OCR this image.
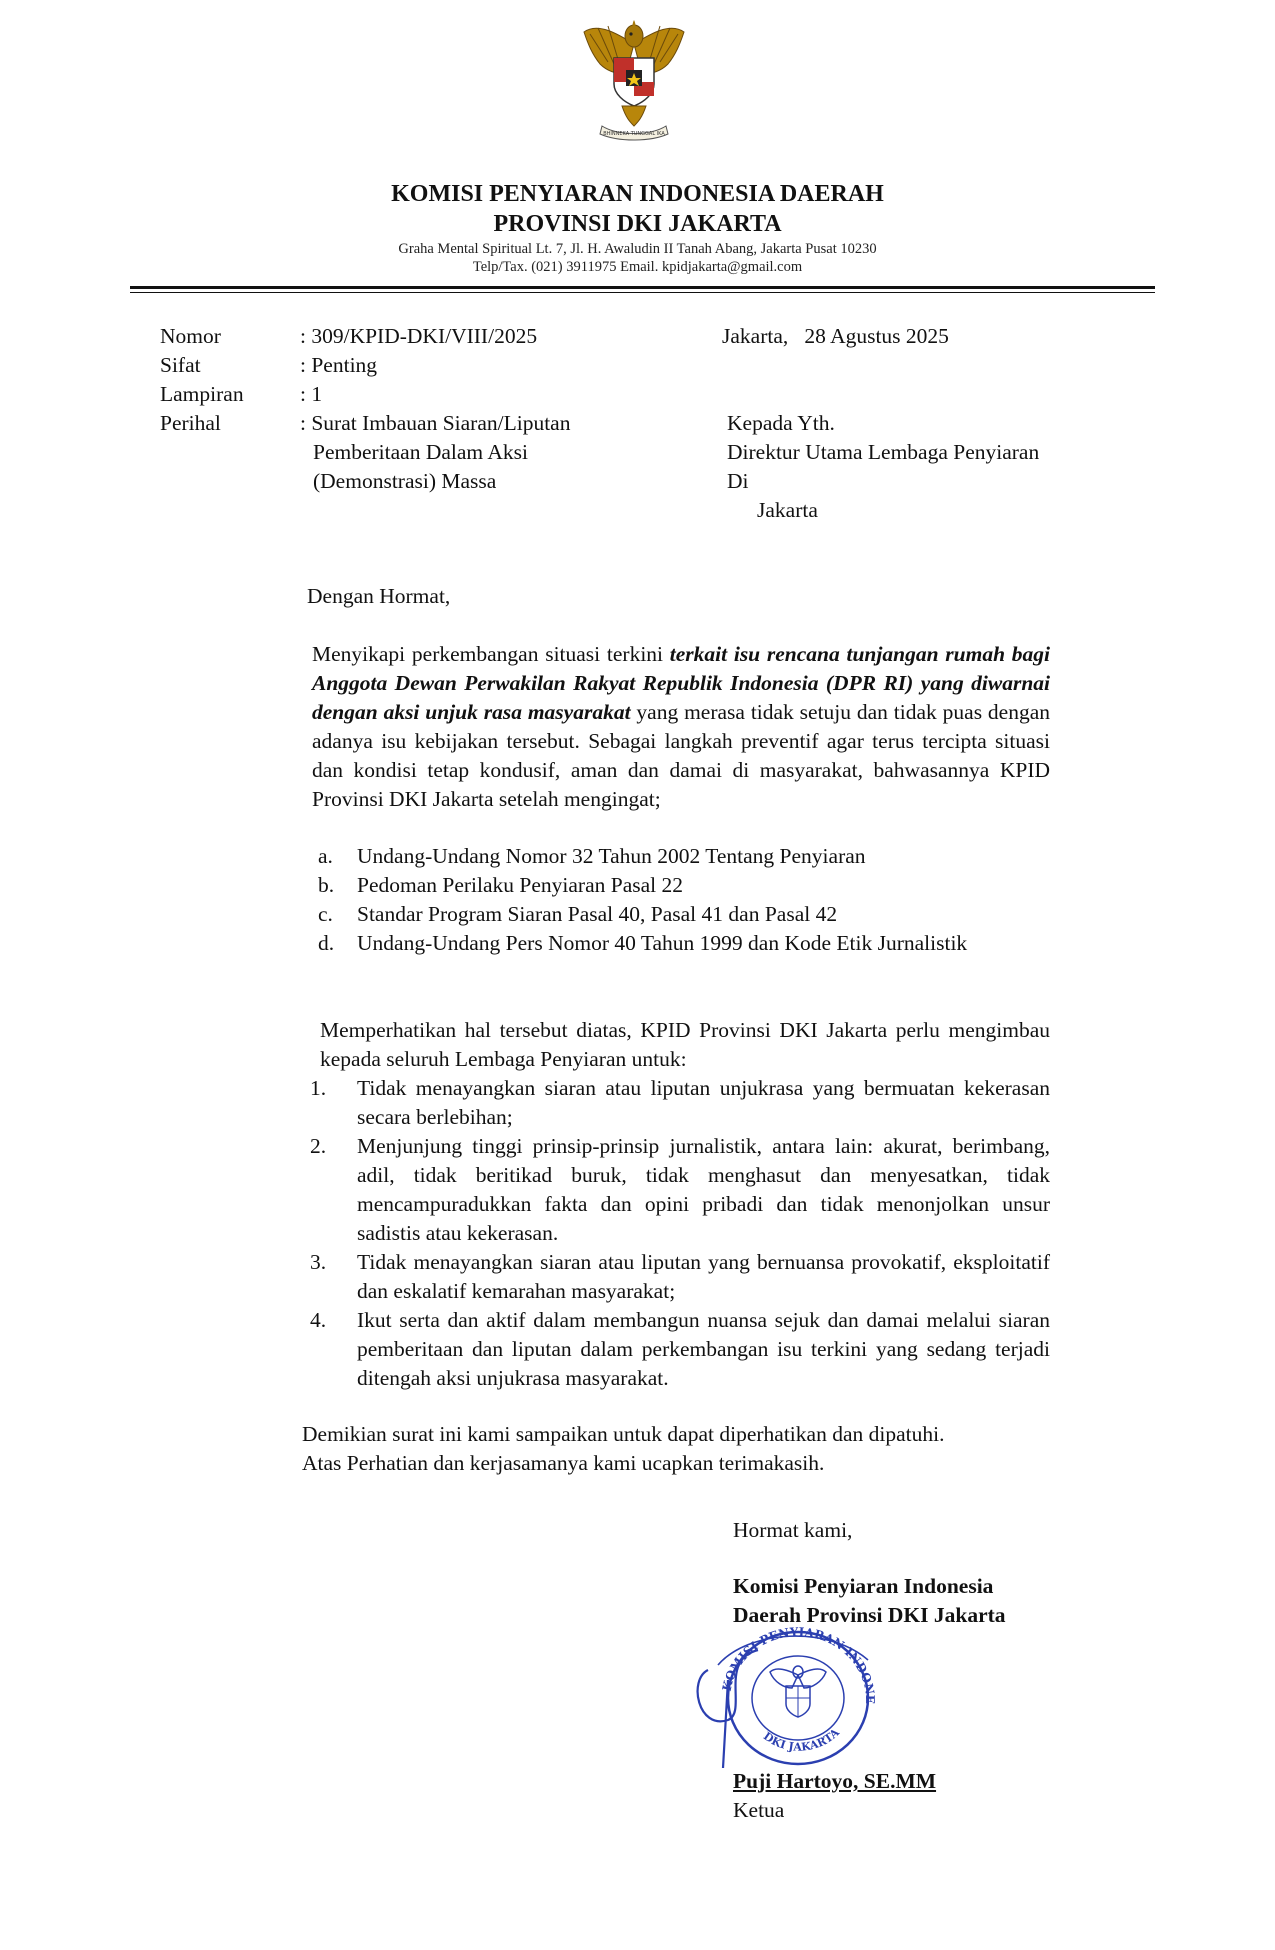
BHINNEKA TUNGGAL IKA
KOMISI PENYIARAN INDONESIA DAERAH
PROVINSI DKI JAKARTA
Graha Mental Spiritual Lt. 7, Jl. H. Awaludin II Tanah Abang, Jakarta Pusat 10230
Telp/Tax. (021) 3911975 Email. kpidjakarta@gmail.com
Nomor	: 309/KPID-DKI/VIII/2025	Jakarta,   28 Agustus 2025
Sifat	: Penting
Lampiran	: 1
Perihal	: Surat Imbauan Siaran/Liputan
Pemberitaan Dalam Aksi
(Demonstrasi) Massa
Kepada Yth.
Direktur Utama Lembaga Penyiaran
Di
Jakarta
Dengan Hormat,
Menyikapi perkembangan situasi terkini terkait isu rencana tunjangan rumah bagi Anggota Dewan Perwakilan Rakyat Republik Indonesia (DPR RI) yang diwarnai dengan aksi unjuk rasa masyarakat yang merasa tidak setuju dan tidak puas dengan adanya isu kebijakan tersebut. Sebagai langkah preventif agar terus tercipta situasi dan kondisi tetap kondusif, aman dan damai di masyarakat, bahwasannya KPID Provinsi DKI Jakarta setelah mengingat;
a. Undang-Undang Nomor 32 Tahun 2002 Tentang Penyiaran
b. Pedoman Perilaku Penyiaran Pasal 22
c. Standar Program Siaran Pasal 40, Pasal 41 dan Pasal 42
d. Undang-Undang Pers Nomor 40 Tahun 1999 dan Kode Etik Jurnalistik
Memperhatikan hal tersebut diatas, KPID Provinsi DKI Jakarta perlu mengimbau kepada seluruh Lembaga Penyiaran untuk:
1. Tidak menayangkan siaran atau liputan unjukrasa yang bermuatan kekerasan secara berlebihan;
2. Menjunjung tinggi prinsip-prinsip jurnalistik, antara lain: akurat, berimbang, adil, tidak beritikad buruk, tidak menghasut dan menyesatkan, tidak mencampuradukkan fakta dan opini pribadi dan tidak menonjolkan unsur sadistis atau kekerasan.
3. Tidak menayangkan siaran atau liputan yang bernuansa provokatif, eksploitatif dan eskalatif kemarahan masyarakat;
4. Ikut serta dan aktif dalam membangun nuansa sejuk dan damai melalui siaran pemberitaan dan liputan dalam perkembangan isu terkini yang sedang terjadi ditengah aksi unjukrasa masyarakat.
Demikian surat ini kami sampaikan untuk dapat diperhatikan dan dipatuhi.
Atas Perhatian dan kerjasamanya kami ucapkan terimakasih.
Hormat kami,
Komisi Penyiaran Indonesia
Daerah Provinsi DKI Jakarta
KOMISI PENYIARAN INDONE
DKI JAKARTA
Puji Hartoyo, SE.MM
Ketua
